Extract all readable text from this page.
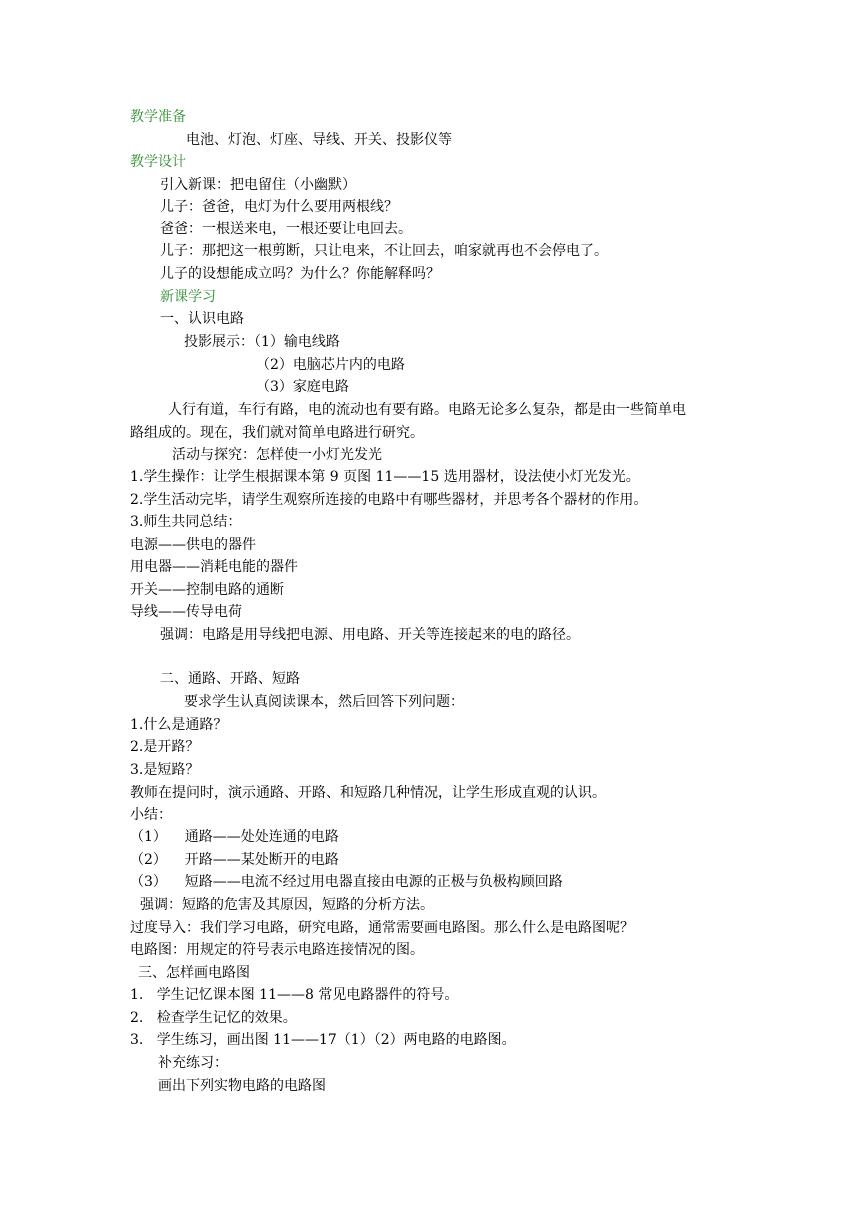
教学准备
电池、灯泡、灯座、导线、开关、投影仪等
教学设计
引入新课：把电留住（小幽默）
儿子：爸爸，电灯为什么要用两根线？
爸爸：一根送来电，一根还要让电回去。
儿子：那把这一根剪断，只让电来，不让回去，咱家就再也不会停电了。
儿子的设想能成立吗？为什么？你能解释吗？
新课学习
一、认识电路
投影展示：（1）输电线路
（2）电脑芯片内的电路
（3）家庭电路
人行有道，车行有路，电的流动也有要有路。电路无论多么复杂，都是由一些简单电
路组成的。现在，我们就对简单电路进行研究。
活动与探究：怎样使一小灯光发光
1.学生操作：让学生根据课本第 9 页图 11——15 选用器材，设法使小灯光发光。
2.学生活动完毕，请学生观察所连接的电路中有哪些器材，并思考各个器材的作用。
3.师生共同总结：
电源——供电的器件
用电器——消耗电能的器件
开关——控制电路的通断
导线——传导电荷
强调：电路是用导线把电源、用电路、开关等连接起来的电的路径。
二、通路、开路、短路
要求学生认真阅读课本，然后回答下列问题：
1.什么是通路？
2.是开路？
3.是短路？
教师在提问时，演示通路、开路、和短路几种情况，让学生形成直观的认识。
小结：
（1）    通路——处处连通的电路
（2）    开路——某处断开的电路
（3）    短路——电流不经过用电器直接由电源的正极与负极构顾回路
强调：短路的危害及其原因，短路的分析方法。
过度导入：我们学习电路，研究电路，通常需要画电路图。那么什么是电路图呢？
电路图：用规定的符号表示电路连接情况的图。
三、怎样画电路图
1.   学生记忆课本图 11——8 常见电路器件的符号。
2.   检查学生记忆的效果。
3.   学生练习，画出图 11——17（1）（2）两电路的电路图。
补充练习：
画出下列实物电路的电路图
